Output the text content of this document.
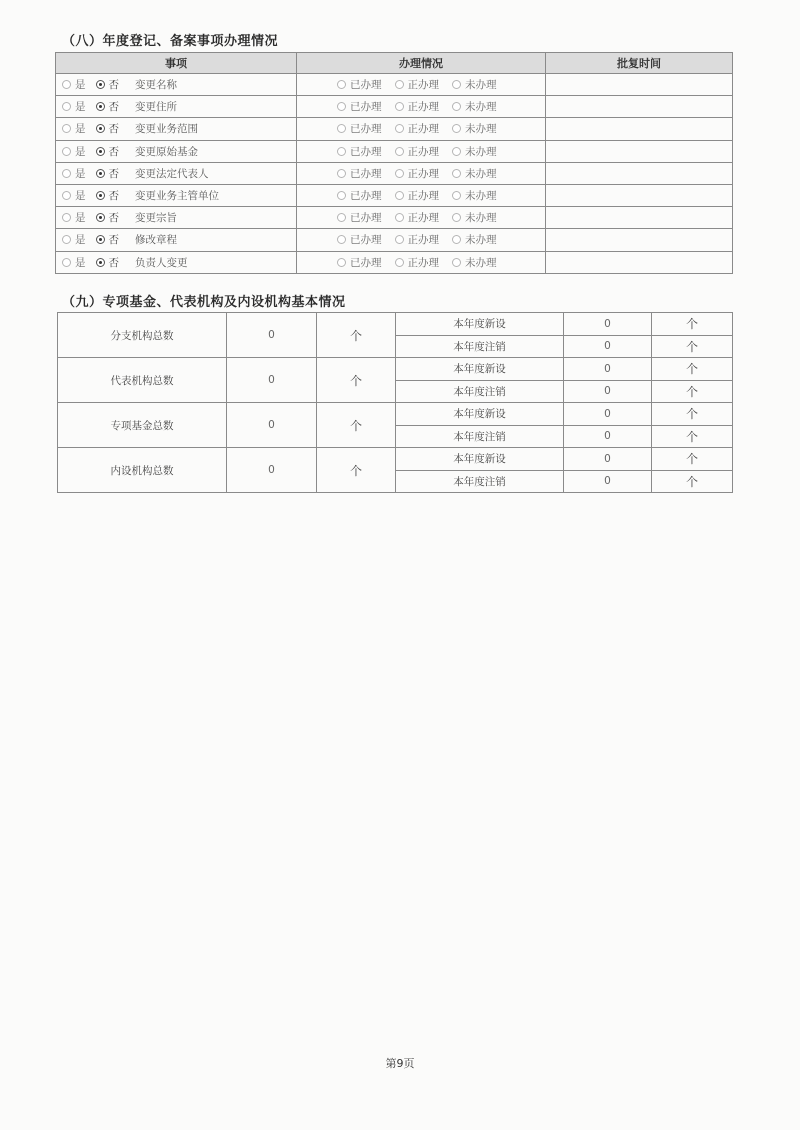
（八）年度登记、备案事项办理情况
事项	办理情况	批复时间

是 否 变更名称	已办理 正办理 未办理	

是 否 变更住所	已办理 正办理 未办理	

是 否 变更业务范围	已办理 正办理 未办理	

是 否 变更原始基金	已办理 正办理 未办理	

是 否 变更法定代表人	已办理 正办理 未办理	

是 否 变更业务主管单位	已办理 正办理 未办理	

是 否 变更宗旨	已办理 正办理 未办理	

是 否 修改章程	已办理 正办理 未办理	

是 否 负责人变更	已办理 正办理 未办理	

（九）专项基金、代表机构及内设机构基本情况
分支机构总数	0	个	本年度新设	0	个
			本年度注销	0	个
代表机构总数	0	个	本年度新设	0	个
			本年度注销	0	个
专项基金总数	0	个	本年度新设	0	个
			本年度注销	0	个
内设机构总数	0	个	本年度新设	0	个
			本年度注销	0	个
第9页
